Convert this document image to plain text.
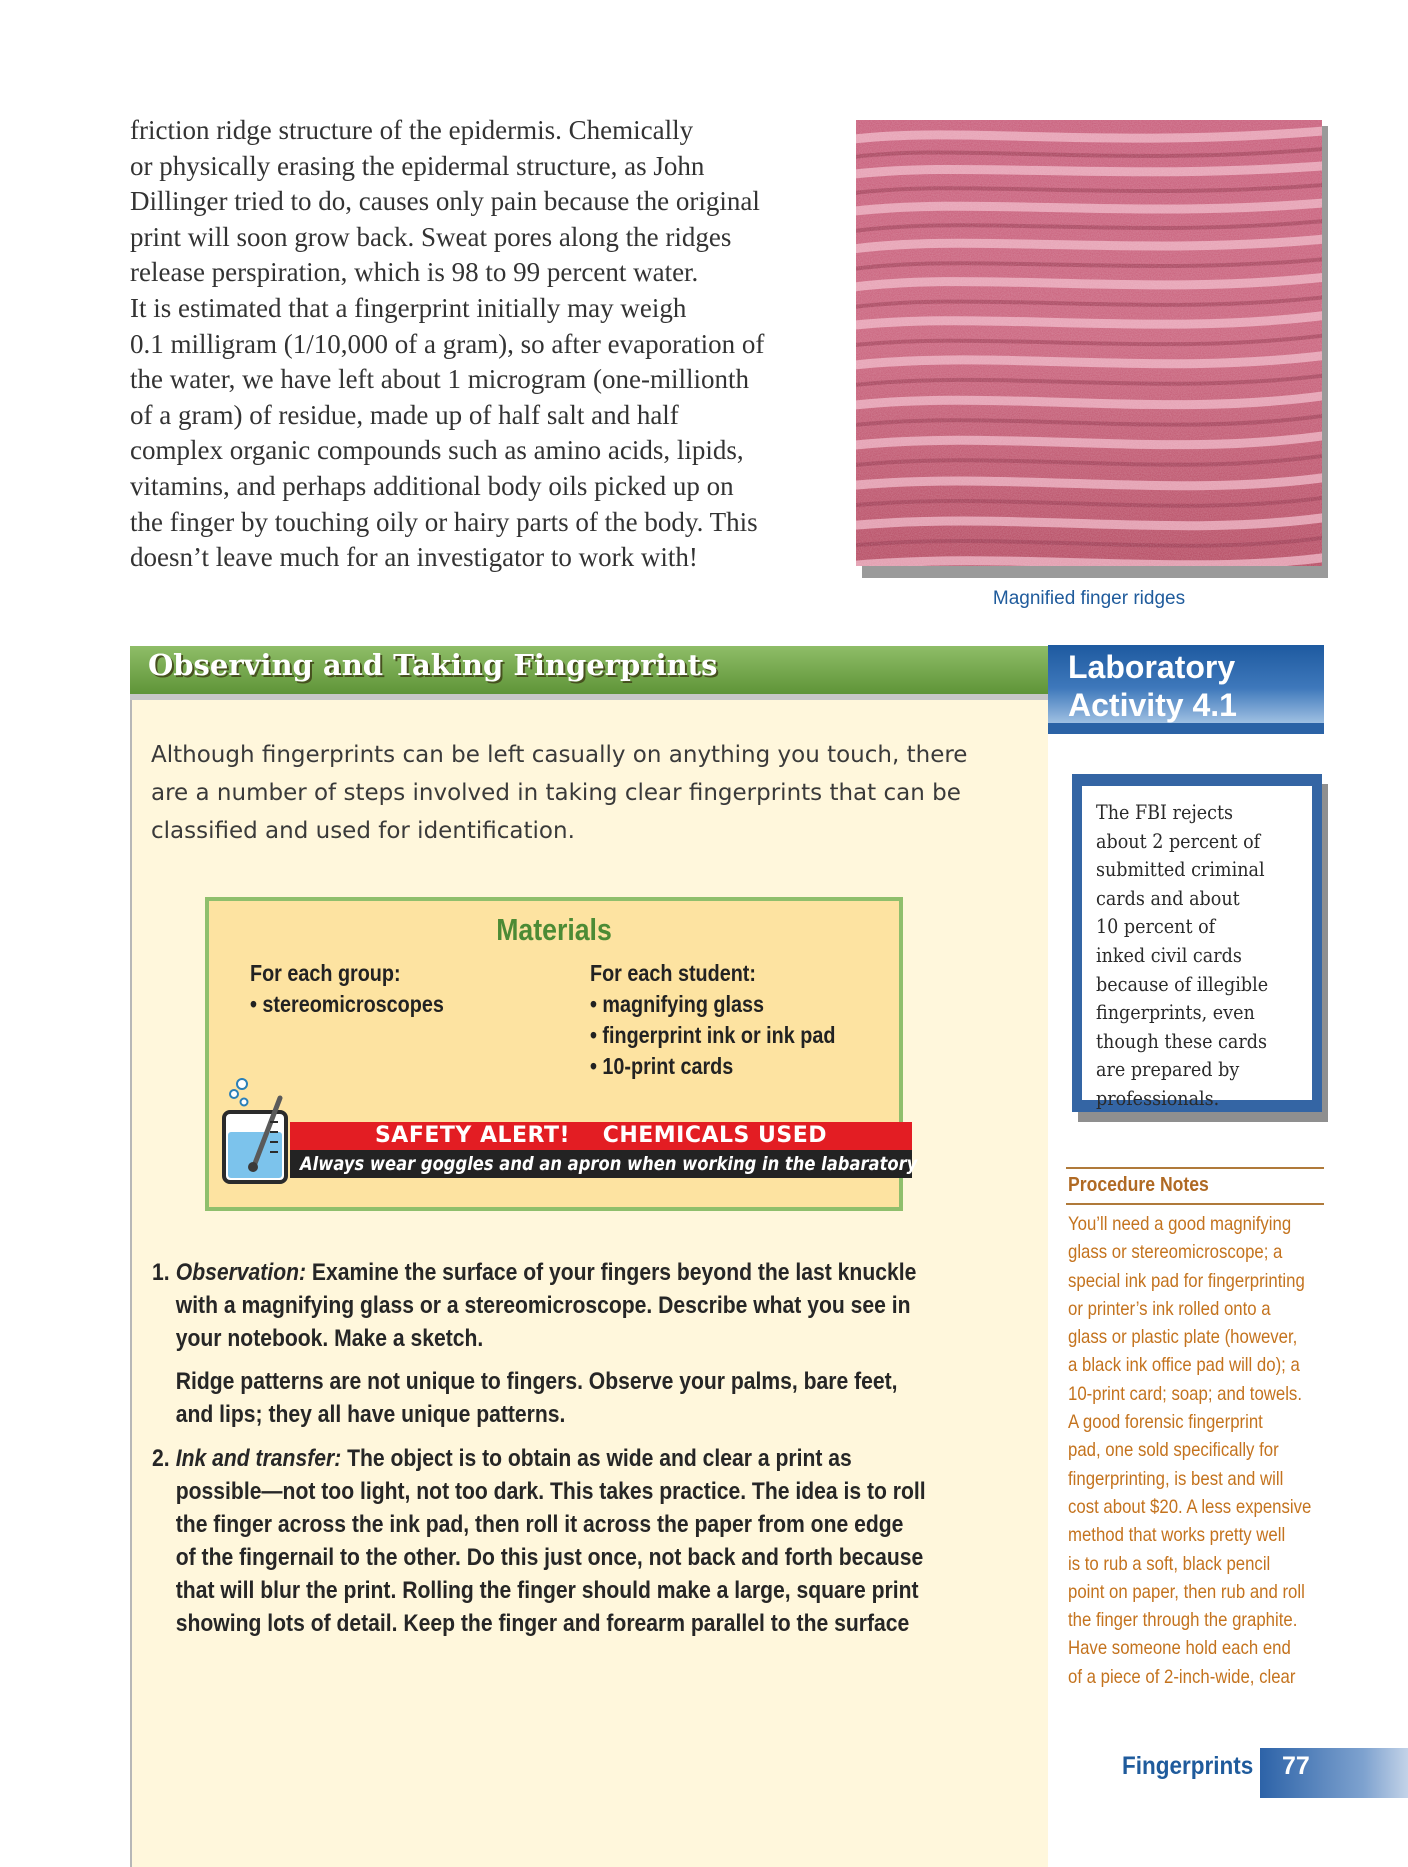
friction ridge structure of the epidermis. Chemically
or physically erasing the epidermal structure, as John
Dillinger tried to do, causes only pain because the original
print will soon grow back. Sweat pores along the ridges
release perspiration, which is 98 to 99 percent water.
It is estimated that a fingerprint initially may weigh
0.1 milligram (1/10,000 of a gram), so after evaporation of
the water, we have left about 1 microgram (one-millionth
of a gram) of residue, made up of half salt and half
complex organic compounds such as amino acids, lipids,
vitamins, and perhaps additional body oils picked up on
the finger by touching oily or hairy parts of the body. This
doesn’t leave much for an investigator to work with!

Magnified finger ridges
Observing and Taking Fingerprints	Laboratory
Activity 4.1

Although fingerprints can be left casually on anything you touch, there
are a number of steps involved in taking clear fingerprints that can be
classified and used for identification.

Materials
For each group:
• stereomicroscopes
For each student:
• magnifying glass
• fingerprint ink or ink pad
• 10-print cards
SAFETY ALERT! CHEMICALS USED
Always wear goggles and an apron when working in the labaratory
1. Observation: Examine the surface of your fingers beyond the last knuckle
with a magnifying glass or a stereomicroscope. Describe what you see in
your notebook. Make a sketch.
Ridge patterns are not unique to fingers. Observe your palms, bare feet,
and lips; they all have unique patterns.
2. Ink and transfer: The object is to obtain as wide and clear a print as
possible—not too light, not too dark. This takes practice. The idea is to roll
the finger across the ink pad, then roll it across the paper from one edge
of the fingernail to the other. Do this just once, not back and forth because
that will blur the print. Rolling the finger should make a large, square print
showing lots of detail. Keep the finger and forearm parallel to the surface
The FBI rejects
about 2 percent of
submitted criminal
cards and about
10 percent of
inked civil cards
because of illegible
fingerprints, even
though these cards
are prepared by
professionals.
Procedure Notes
You’ll need a good magnifying
glass or stereomicroscope; a
special ink pad for fingerprinting
or printer’s ink rolled onto a
glass or plastic plate (however,
a black ink office pad will do); a
10-print card; soap; and towels.
A good forensic fingerprint
pad, one sold specifically for
fingerprinting, is best and will
cost about $20. A less expensive
method that works pretty well
is to rub a soft, black pencil
point on paper, then rub and roll
the finger through the graphite.
Have someone hold each end
of a piece of 2-inch-wide, clear
Fingerprints 77
